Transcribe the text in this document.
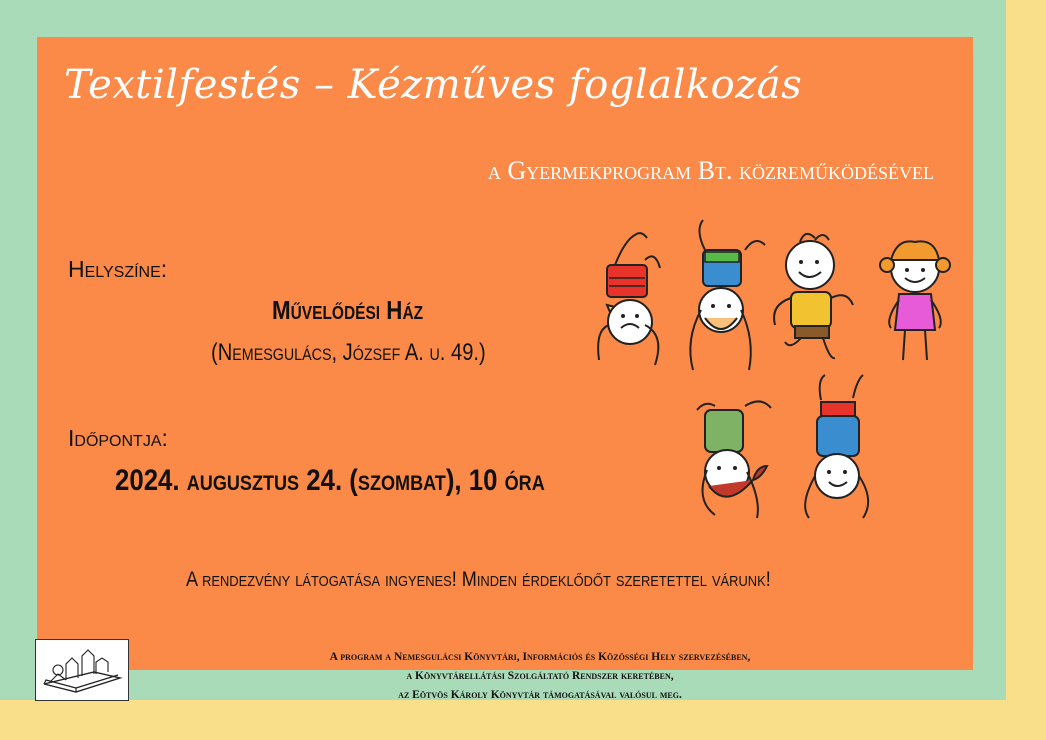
Textilfestés – Kézműves foglalkozás
a Gyermekprogram Bt. közreműködésével
Helyszíne:
Művelődési Ház
(Nemesgulács, József A. u. 49.)
Időpontja:
2024. augusztus 24. (szombat), 10 óra
A rendezvény látogatása ingyenes! Minden érdeklődőt szeretettel várunk!
A program a Nemesgulácsi Könyvtári, Információs és Közösségi Hely szervezésében,
a Könyvtárellátási Szolgáltató Rendszer keretében,
az Eötvös Károly Könyvtár támogatásával valósul meg.
